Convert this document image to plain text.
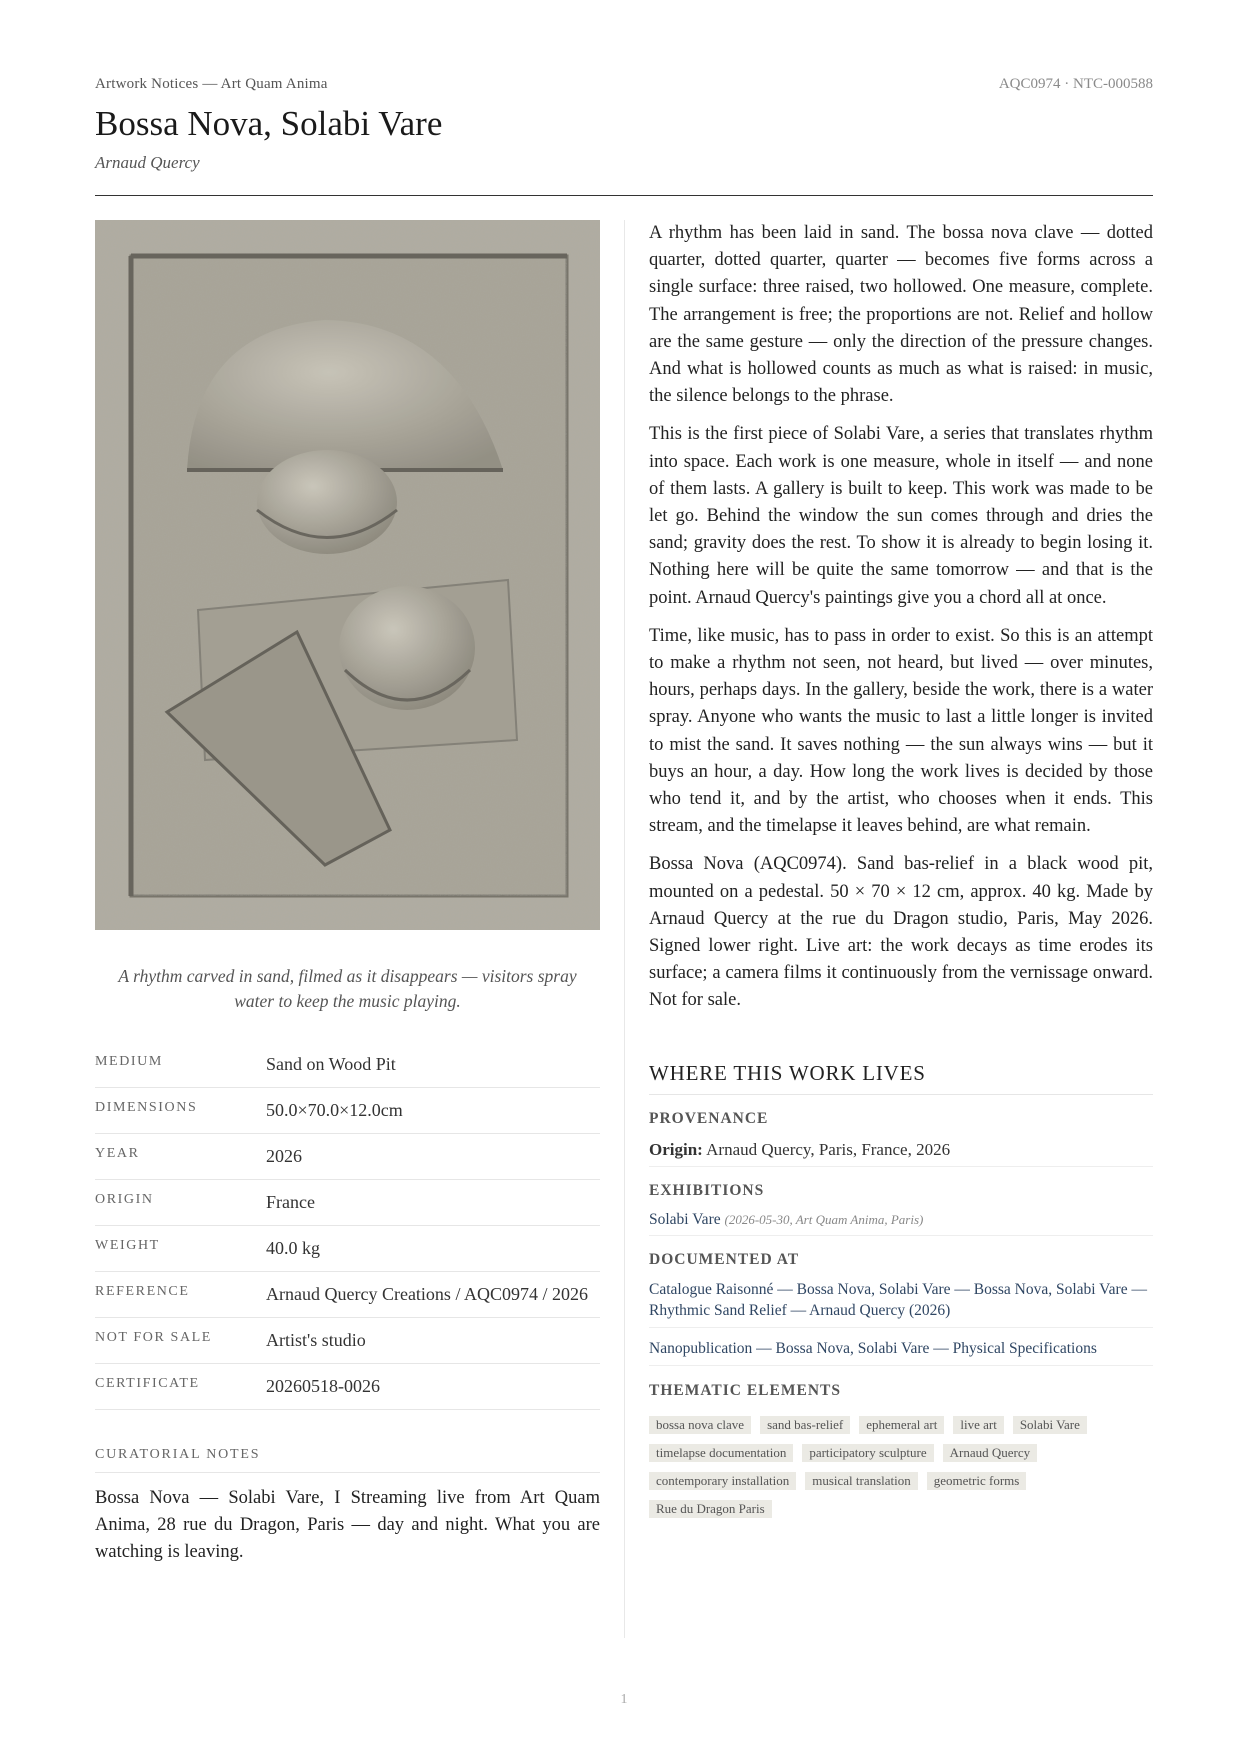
Artwork Notices — Art Quam Anima	AQC0974 · NTC-000588
Bossa Nova, Solabi Vare
Arnaud Quercy
A rhythm carved in sand, filmed as it disappears — visitors spray water to keep the music playing.
MEDIUM	Sand on Wood Pit
DIMENSIONS	50.0×70.0×12.0cm
YEAR	2026
ORIGIN	France
WEIGHT	40.0 kg
REFERENCE	Arnaud Quercy Creations / AQC0974 / 2026
NOT FOR SALE	Artist's studio
CERTIFICATE	20260518-0026
CURATORIAL NOTES
Bossa Nova — Solabi Vare, I Streaming live from Art Quam Anima, 28 rue du Dragon, Paris — day and night. What you are watching is leaving.

A rhythm has been laid in sand. The bossa nova clave — dotted quarter, dotted quarter, quarter — becomes five forms across a single surface: three raised, two hollowed. One measure, complete. The arrangement is free; the proportions are not. Relief and hollow are the same gesture — only the direction of the pressure changes. And what is hollowed counts as much as what is raised: in music, the silence belongs to the phrase.

This is the first piece of Solabi Vare, a series that translates rhythm into space. Each work is one measure, whole in itself — and none of them lasts. A gallery is built to keep. This work was made to be let go. Behind the window the sun comes through and dries the sand; gravity does the rest. To show it is already to begin losing it. Nothing here will be quite the same tomorrow — and that is the point. Arnaud Quercy's paintings give you a chord all at once.

Time, like music, has to pass in order to exist. So this is an attempt to make a rhythm not seen, not heard, but lived — over minutes, hours, perhaps days. In the gallery, beside the work, there is a water spray. Anyone who wants the music to last a little longer is invited to mist the sand. It saves nothing — the sun always wins — but it buys an hour, a day. How long the work lives is decided by those who tend it, and by the artist, who chooses when it ends. This stream, and the timelapse it leaves behind, are what remain.

Bossa Nova (AQC0974). Sand bas-relief in a black wood pit, mounted on a pedestal. 50 × 70 × 12 cm, approx. 40 kg. Made by Arnaud Quercy at the rue du Dragon studio, Paris, May 2026. Signed lower right. Live art: the work decays as time erodes its surface; a camera films it continuously from the vernissage onward. Not for sale.

WHERE THIS WORK LIVES
PROVENANCE
Origin: Arnaud Quercy, Paris, France, 2026
EXHIBITIONS
Solabi Vare (2026-05-30, Art Quam Anima, Paris)
DOCUMENTED AT
Catalogue Raisonné — Bossa Nova, Solabi Vare — Bossa Nova, Solabi Vare — Rhythmic Sand Relief — Arnaud Quercy (2026)
Nanopublication — Bossa Nova, Solabi Vare — Physical Specifications
THEMATIC ELEMENTS
bossa nova clave	sand bas-relief	ephemeral art	live art	Solabi Vare
timelapse documentation	participatory sculpture	Arnaud Quercy
contemporary installation	musical translation	geometric forms
Rue du Dragon Paris
1
